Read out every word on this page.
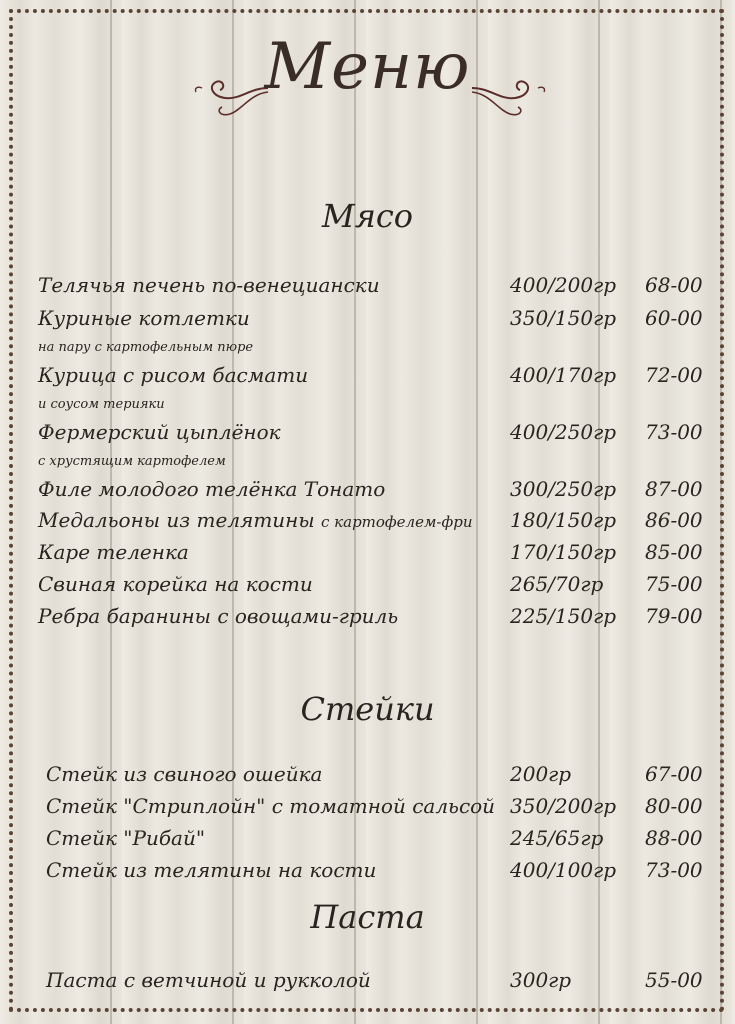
Меню
Мясо
Телячья печень по-венециански	400/200гр 68-00
Куриные котлетки	350/150гр 60-00
на пару с картофельным пюре
Курица с рисом басмати	400/170гр 72-00
и соусом терияки
Фермерский цыплёнок	400/250гр 73-00
с хрустящим картофелем
Филе молодого телёнка Тонато	300/250гр 87-00
Медальоны из телятины с картофелем-фри 180/150гр 86-00
Каре теленка	170/150гр 85-00
Свиная корейка на кости	265/70гр 75-00
Ребра баранины с овощами-гриль	225/150гр 79-00
Стейки
Стейк из свиного ошейка	200гр	67-00
Стейк "Стриплойн" с томатной сальсой 350/200гр 80-00
Стейк "Рибай"	245/65гр 88-00
Стейк из телятины на кости	400/100гр 73-00
Паста
Паста с ветчиной и рукколой	300гр	55-00
